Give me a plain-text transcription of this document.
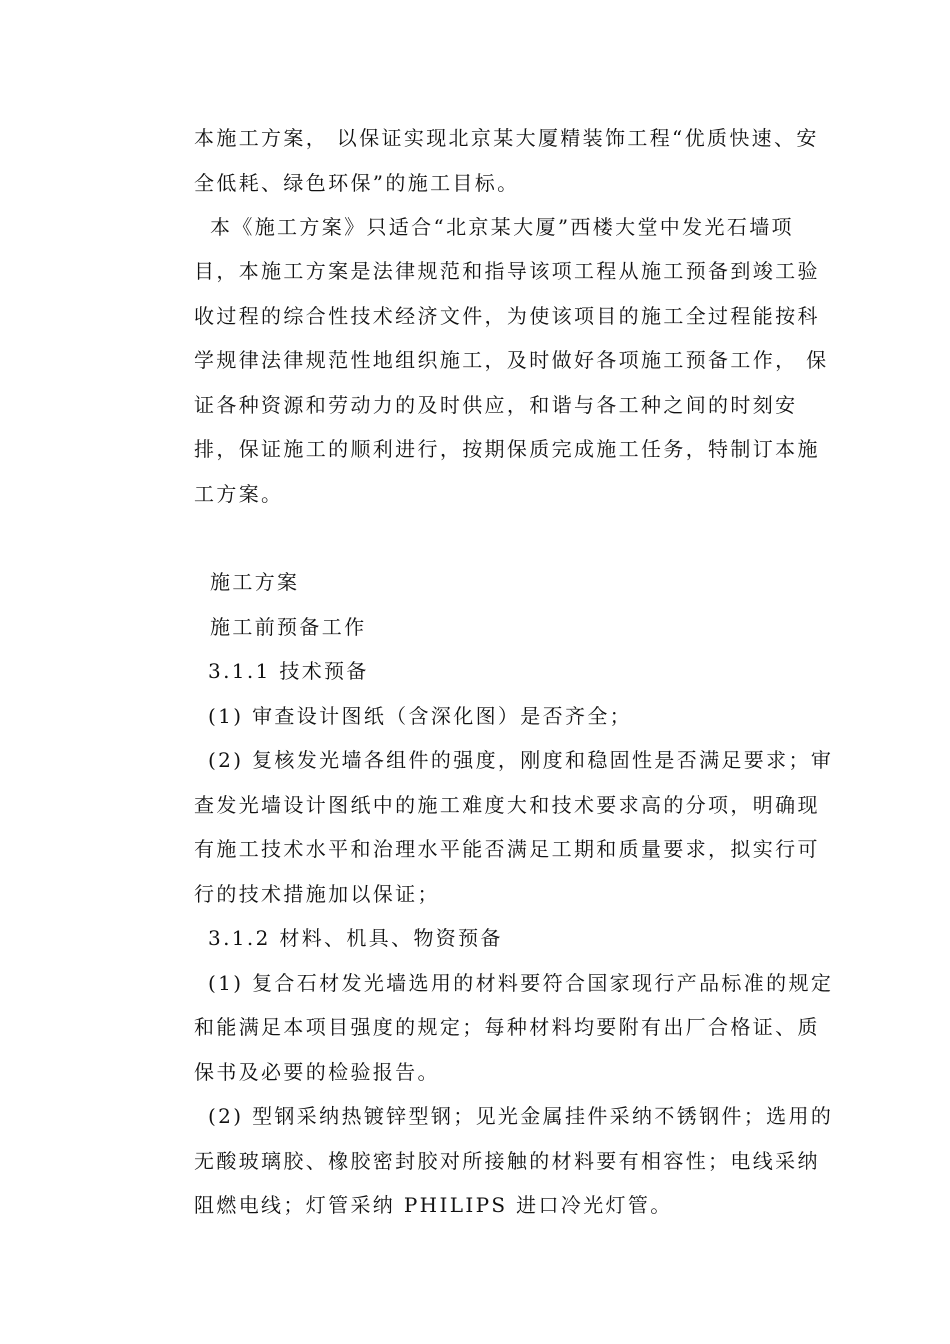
本施工方案， 以保证实现北京某大厦精装饰工程“优质快速、安
全低耗、绿色环保”的施工目标。
本《施工方案》只适合“北京某大厦”西楼大堂中发光石墙项
目，本施工方案是法律规范和指导该项工程从施工预备到竣工验
收过程的综合性技术经济文件，为使该项目的施工全过程能按科
学规律法律规范性地组织施工，及时做好各项施工预备工作， 保
证各种资源和劳动力的及时供应，和谐与各工种之间的时刻安
排，保证施工的顺利进行，按期保质完成施工任务，特制订本施
工方案。
施工方案
施工前预备工作
3.1.1 技术预备
(1) 审查设计图纸（含深化图）是否齐全；
(2) 复核发光墙各组件的强度，刚度和稳固性是否满足要求；审
查发光墙设计图纸中的施工难度大和技术要求高的分项，明确现
有施工技术水平和治理水平能否满足工期和质量要求，拟实行可
行的技术措施加以保证；
3.1.2 材料、机具、物资预备
(1) 复合石材发光墙选用的材料要符合国家现行产品标准的规定
和能满足本项目强度的规定；每种材料均要附有出厂合格证、质
保书及必要的检验报告。
(2) 型钢采纳热镀锌型钢；见光金属挂件采纳不锈钢件；选用的
无酸玻璃胶、橡胶密封胶对所接触的材料要有相容性；电线采纳
阻燃电线；灯管采纳 PHILIPS 进口冷光灯管。
